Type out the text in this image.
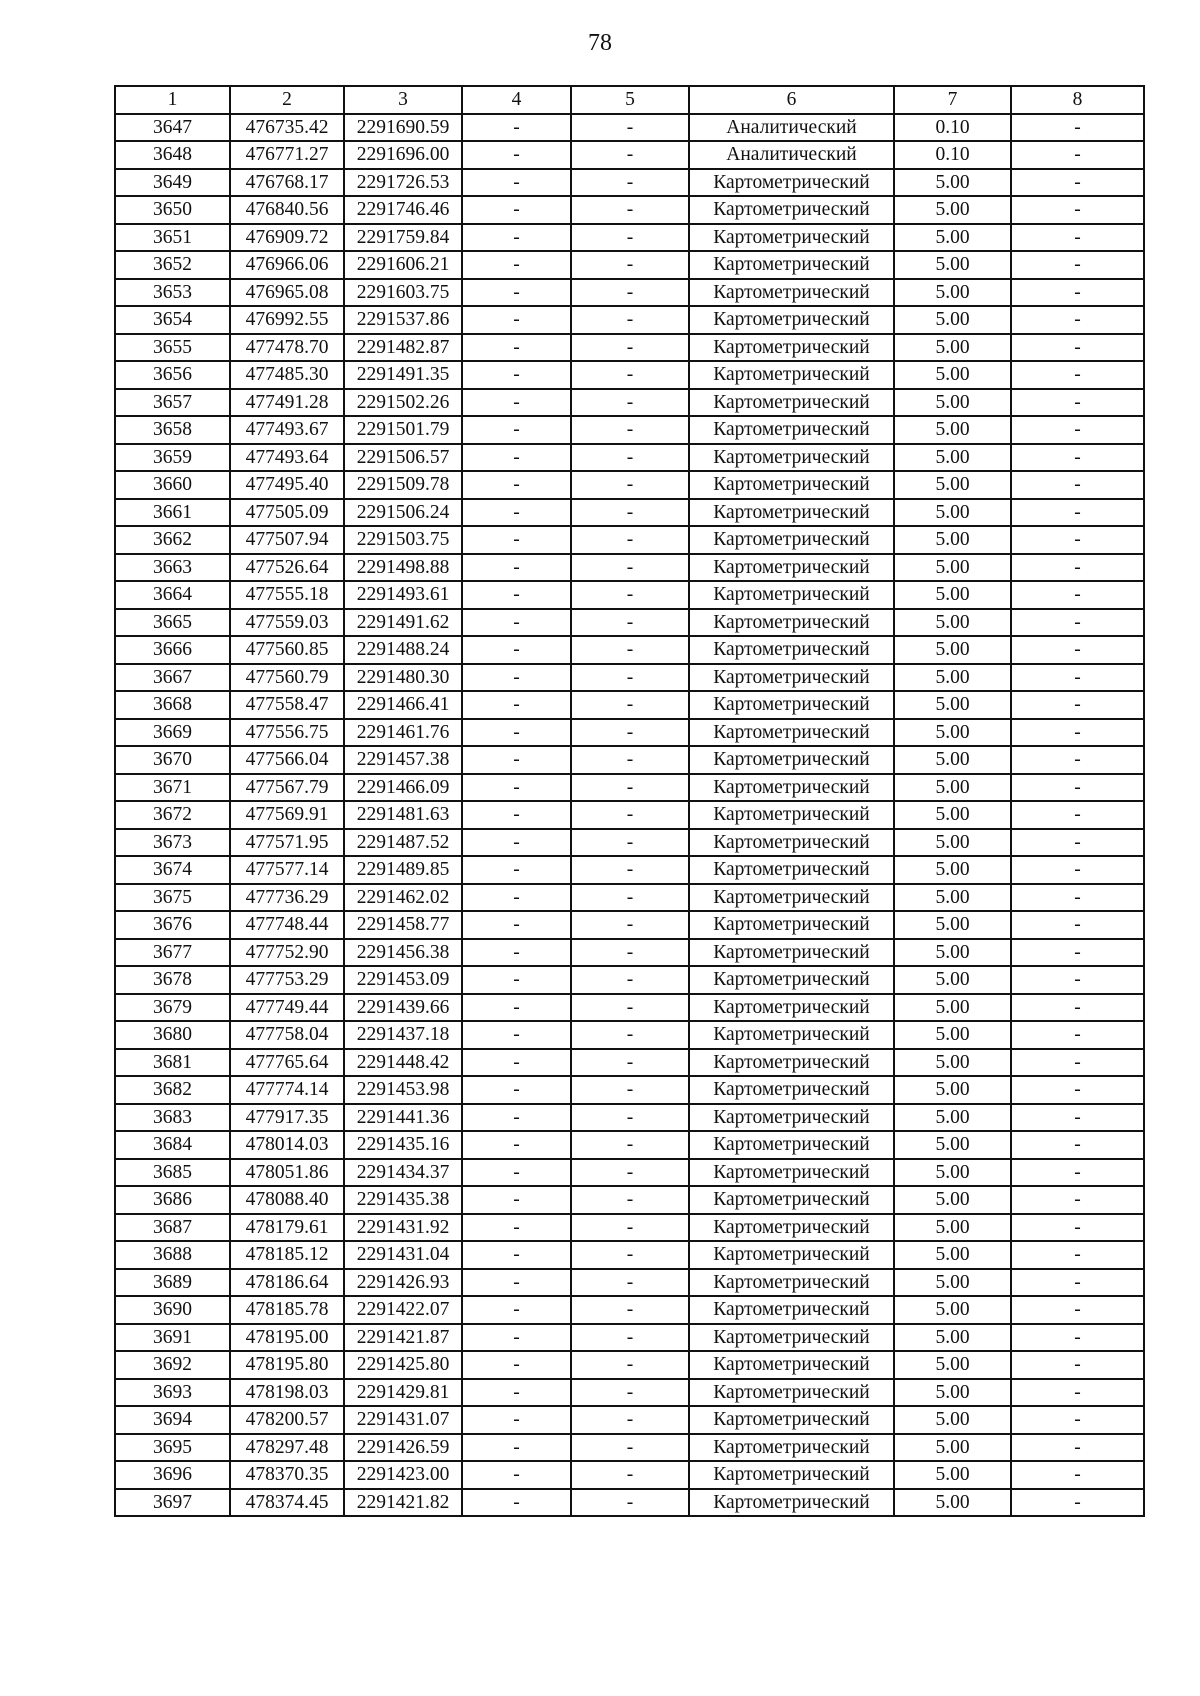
78
1	2	3	4	5	6	7	8
3647	476735.42	2291690.59	-	-	Аналитический	0.10	-
3648	476771.27	2291696.00	-	-	Аналитический	0.10	-
3649	476768.17	2291726.53	-	-	Картометрический	5.00	-
3650	476840.56	2291746.46	-	-	Картометрический	5.00	-
3651	476909.72	2291759.84	-	-	Картометрический	5.00	-
3652	476966.06	2291606.21	-	-	Картометрический	5.00	-
3653	476965.08	2291603.75	-	-	Картометрический	5.00	-
3654	476992.55	2291537.86	-	-	Картометрический	5.00	-
3655	477478.70	2291482.87	-	-	Картометрический	5.00	-
3656	477485.30	2291491.35	-	-	Картометрический	5.00	-
3657	477491.28	2291502.26	-	-	Картометрический	5.00	-
3658	477493.67	2291501.79	-	-	Картометрический	5.00	-
3659	477493.64	2291506.57	-	-	Картометрический	5.00	-
3660	477495.40	2291509.78	-	-	Картометрический	5.00	-
3661	477505.09	2291506.24	-	-	Картометрический	5.00	-
3662	477507.94	2291503.75	-	-	Картометрический	5.00	-
3663	477526.64	2291498.88	-	-	Картометрический	5.00	-
3664	477555.18	2291493.61	-	-	Картометрический	5.00	-
3665	477559.03	2291491.62	-	-	Картометрический	5.00	-
3666	477560.85	2291488.24	-	-	Картометрический	5.00	-
3667	477560.79	2291480.30	-	-	Картометрический	5.00	-
3668	477558.47	2291466.41	-	-	Картометрический	5.00	-
3669	477556.75	2291461.76	-	-	Картометрический	5.00	-
3670	477566.04	2291457.38	-	-	Картометрический	5.00	-
3671	477567.79	2291466.09	-	-	Картометрический	5.00	-
3672	477569.91	2291481.63	-	-	Картометрический	5.00	-
3673	477571.95	2291487.52	-	-	Картометрический	5.00	-
3674	477577.14	2291489.85	-	-	Картометрический	5.00	-
3675	477736.29	2291462.02	-	-	Картометрический	5.00	-
3676	477748.44	2291458.77	-	-	Картометрический	5.00	-
3677	477752.90	2291456.38	-	-	Картометрический	5.00	-
3678	477753.29	2291453.09	-	-	Картометрический	5.00	-
3679	477749.44	2291439.66	-	-	Картометрический	5.00	-
3680	477758.04	2291437.18	-	-	Картометрический	5.00	-
3681	477765.64	2291448.42	-	-	Картометрический	5.00	-
3682	477774.14	2291453.98	-	-	Картометрический	5.00	-
3683	477917.35	2291441.36	-	-	Картометрический	5.00	-
3684	478014.03	2291435.16	-	-	Картометрический	5.00	-
3685	478051.86	2291434.37	-	-	Картометрический	5.00	-
3686	478088.40	2291435.38	-	-	Картометрический	5.00	-
3687	478179.61	2291431.92	-	-	Картометрический	5.00	-
3688	478185.12	2291431.04	-	-	Картометрический	5.00	-
3689	478186.64	2291426.93	-	-	Картометрический	5.00	-
3690	478185.78	2291422.07	-	-	Картометрический	5.00	-
3691	478195.00	2291421.87	-	-	Картометрический	5.00	-
3692	478195.80	2291425.80	-	-	Картометрический	5.00	-
3693	478198.03	2291429.81	-	-	Картометрический	5.00	-
3694	478200.57	2291431.07	-	-	Картометрический	5.00	-
3695	478297.48	2291426.59	-	-	Картометрический	5.00	-
3696	478370.35	2291423.00	-	-	Картометрический	5.00	-
3697	478374.45	2291421.82	-	-	Картометрический	5.00	-
